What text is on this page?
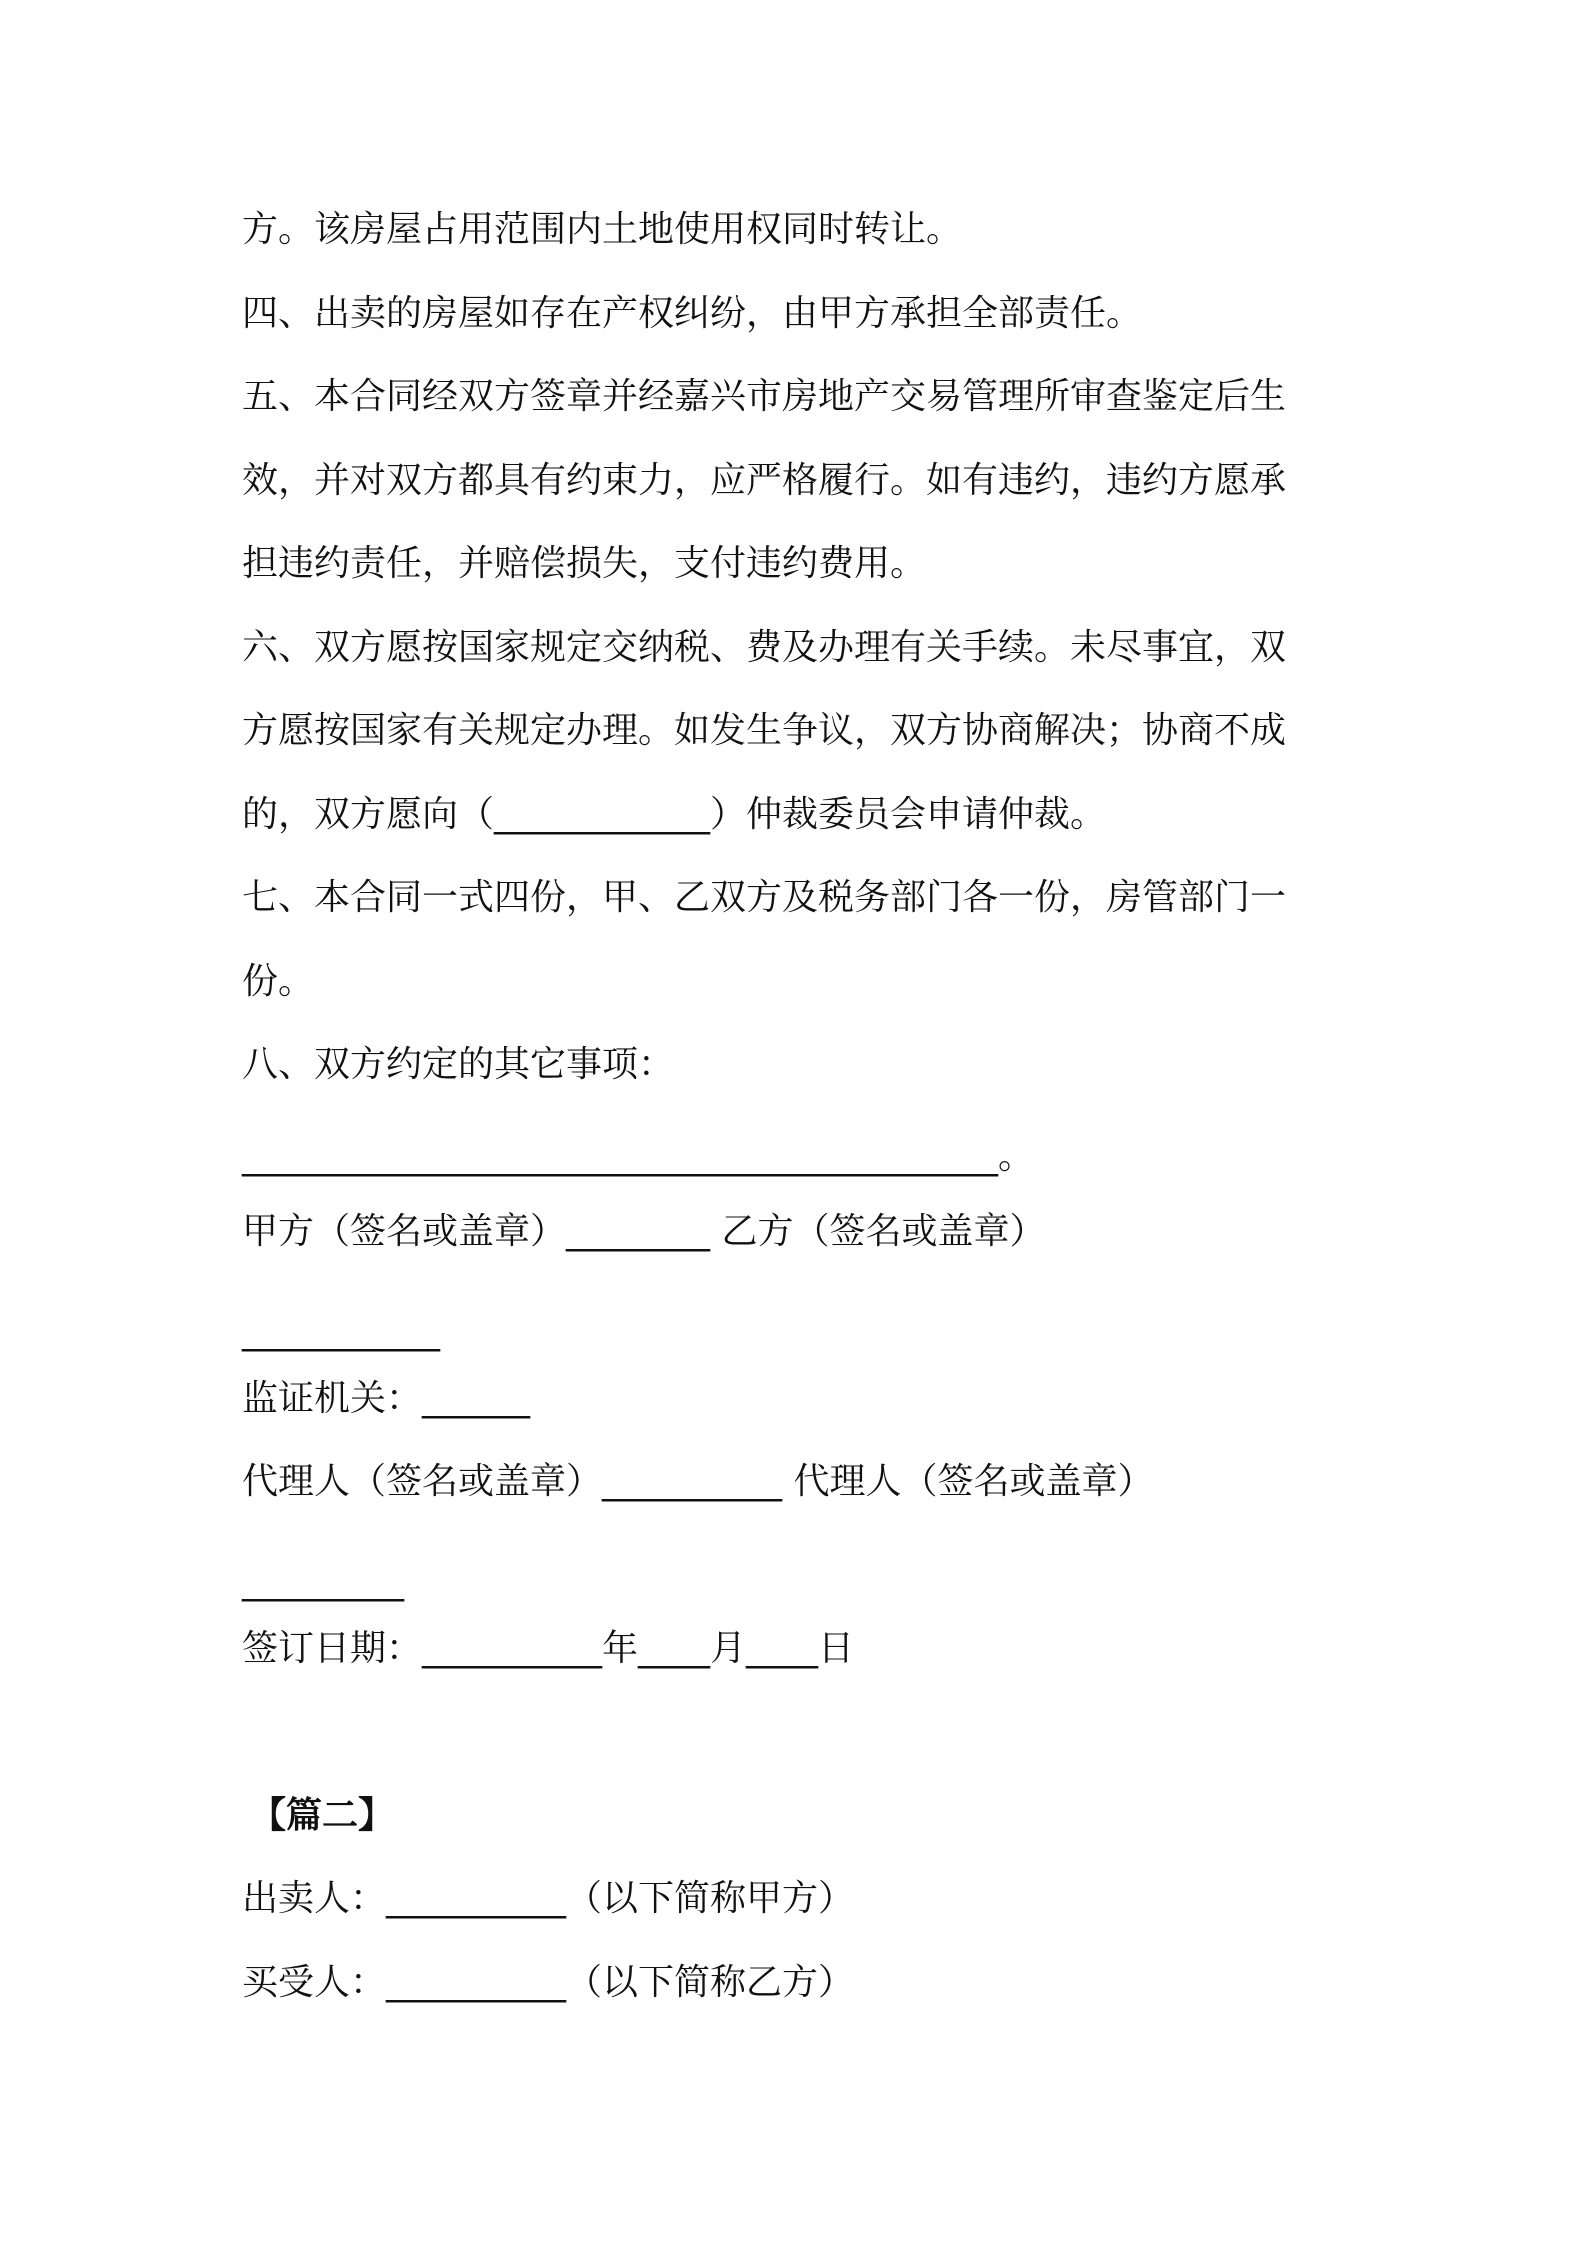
方。该房屋占用范围内土地使用权同时转让。
四、出卖的房屋如存在产权纠纷，由甲方承担全部责任。
五、本合同经双方签章并经嘉兴市房地产交易管理所审查鉴定后生
效，并对双方都具有约束力，应严格履行。如有违约，违约方愿承
担违约责任，并赔偿损失，支付违约费用。
六、双方愿按国家规定交纳税、费及办理有关手续。未尽事宜，双
方愿按国家有关规定办理。如发生争议，双方协商解决；协商不成
的，双方愿向（____________）仲裁委员会申请仲裁。
七、本合同一式四份，甲、乙双方及税务部门各一份，房管部门一
份。
八、双方约定的其它事项：
__________________________________________。
甲方（签名或盖章）________ 乙方（签名或盖章）
___________
监证机关：______
代理人（签名或盖章）__________ 代理人（签名或盖章）
_________
签订日期：__________年____月____日
【篇二】
出卖人：__________（以下简称甲方）
买受人：__________（以下简称乙方）
